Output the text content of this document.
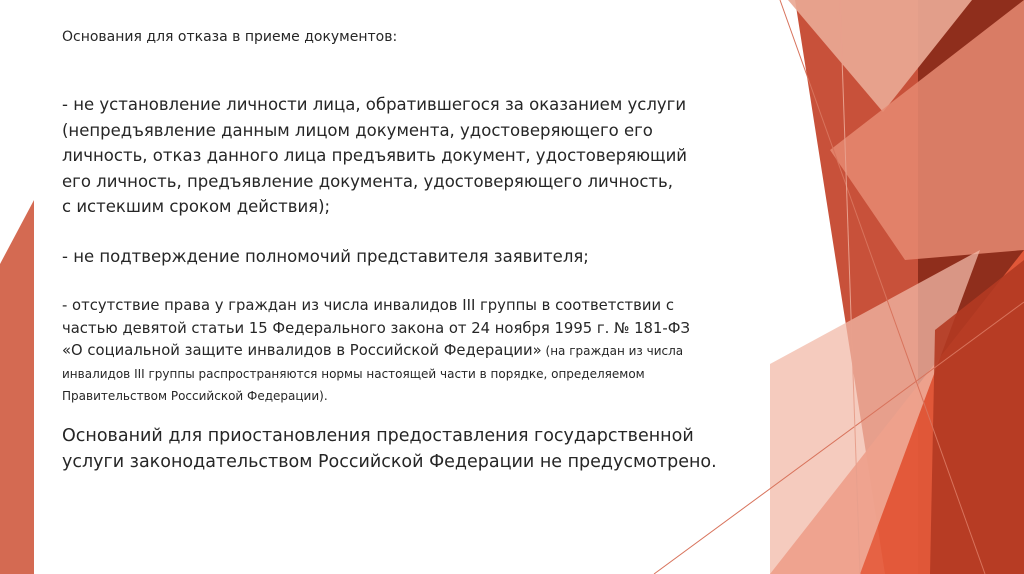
Основания для отказа в приеме документов:
- не установление личности лица, обратившегося за оказанием услуги
(непредъявление данным лицом документа, удостоверяющего его
личность, отказ данного лица предъявить документ, удостоверяющий
его личность, предъявление документа, удостоверяющего личность,
с истекшим сроком действия);
- не подтверждение полномочий представителя заявителя;
- отсутствие права у граждан из числа инвалидов III группы в соответствии с
частью девятой статьи 15 Федерального закона от 24 ноября 1995 г. № 181-ФЗ
«О социальной защите инвалидов в Российской Федерации» (на граждан из числа
инвалидов III группы распространяются нормы настоящей части в порядке, определяемом
Правительством Российской Федерации).
Оснований для приостановления предоставления государственной
услуги законодательством Российской Федерации не предусмотрено.
